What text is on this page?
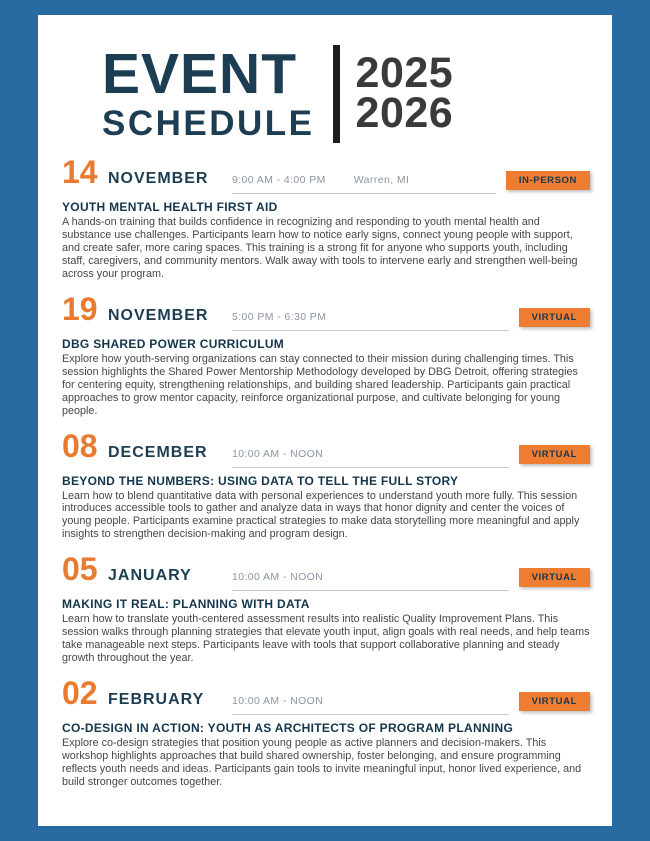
EVENT
SCHEDULE
2025
2026
14 NOVEMBER	9:00 AM - 4:00 PM	Warren, MI	IN-PERSON
YOUTH MENTAL HEALTH FIRST AID

A hands-on training that builds confidence in recognizing and responding to youth mental health and substance use challenges. Participants learn how to notice early signs, connect young people with support, and create safer, more caring spaces. This training is a strong fit for anyone who supports youth, including staff, caregivers, and community mentors. Walk away with tools to intervene early and strengthen well-being across your program.

19 NOVEMBER	5:00 PM - 6:30 PM	VIRTUAL
DBG SHARED POWER CURRICULUM

Explore how youth-serving organizations can stay connected to their mission during challenging times. This session highlights the Shared Power Mentorship Methodology developed by DBG Detroit, offering strategies for centering equity, strengthening relationships, and building shared leadership. Participants gain practical approaches to grow mentor capacity, reinforce organizational purpose, and cultivate belonging for young people.

08 DECEMBER	10:00 AM - NOON	VIRTUAL
BEYOND THE NUMBERS: USING DATA TO TELL THE FULL STORY

Learn how to blend quantitative data with personal experiences to understand youth more fully. This session introduces accessible tools to gather and analyze data in ways that honor dignity and center the voices of young people. Participants examine practical strategies to make data storytelling more meaningful and apply insights to strengthen decision-making and program design.

05 JANUARY	10:00 AM - NOON	VIRTUAL
MAKING IT REAL: PLANNING WITH DATA

Learn how to translate youth-centered assessment results into realistic Quality Improvement Plans. This session walks through planning strategies that elevate youth input, align goals with real needs, and help teams take manageable next steps. Participants leave with tools that support collaborative planning and steady growth throughout the year.

02 FEBRUARY	10:00 AM - NOON	VIRTUAL
CO-DESIGN IN ACTION: YOUTH AS ARCHITECTS OF PROGRAM PLANNING

Explore co-design strategies that position young people as active planners and decision-makers. This workshop highlights approaches that build shared ownership, foster belonging, and ensure programming reflects youth needs and ideas. Participants gain tools to invite meaningful input, honor lived experience, and build stronger outcomes together.
